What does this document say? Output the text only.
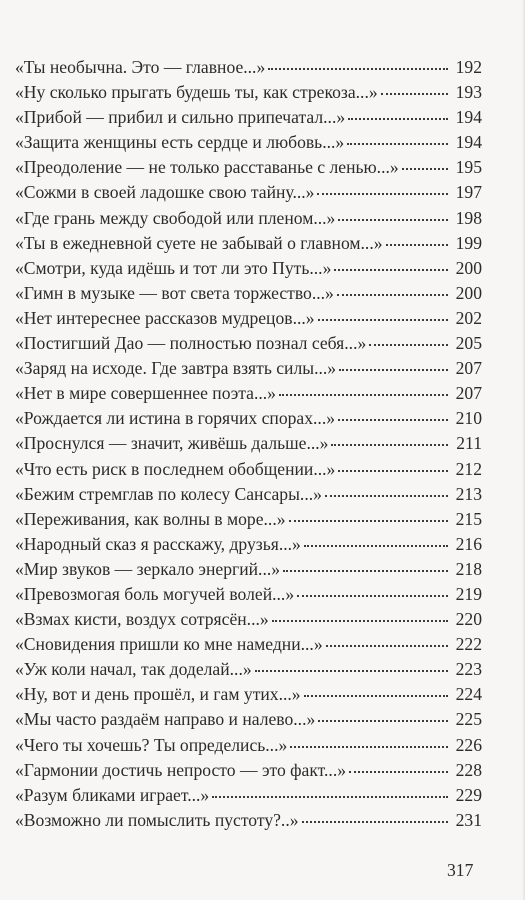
«Ты необычна. Это — главное...»	192
«Ну сколько прыгать будешь ты, как стрекоза...»	193
«Прибой — прибил и сильно припечатал...»	194
«Защита женщины есть сердце и любовь...»	194
«Преодоление — не только расставанье с ленью...»	195
«Сожми в своей ладошке свою тайну...»	197
«Где грань между свободой или пленом...»	198
«Ты в ежедневной суете не забывай о главном...»	199
«Смотри, куда идёшь и тот ли это Путь...»	200
«Гимн в музыке — вот света торжество...»	200
«Нет интереснее рассказов мудрецов...»	202
«Постигший Дао — полностью познал себя...»	205
«Заряд на исходе. Где завтра взять силы...»	207
«Нет в мире совершеннее поэта...»	207
«Рождается ли истина в горячих спорах...»	210
«Проснулся — значит, живёшь дальше...»	211
«Что есть риск в последнем обобщении...»	212
«Бежим стремглав по колесу Сансары...»	213
«Переживания, как волны в море...»	215
«Народный сказ я расскажу, друзья...»	216
«Мир звуков — зеркало энергий...»	218
«Превозмогая боль могучей волей...»	219
«Взмах кисти, воздух сотрясён...»	220
«Сновидения пришли ко мне намедни...»	222
«Уж коли начал, так доделай...»	223
«Ну, вот и день прошёл, и гам утих...»	224
«Мы часто раздаём направо и налево...»	225
«Чего ты хочешь? Ты определись...»	226
«Гармонии достичь непросто — это факт...»	228
«Разум бликами играет...»	229
«Возможно ли помыслить пустоту?..»	231
317
